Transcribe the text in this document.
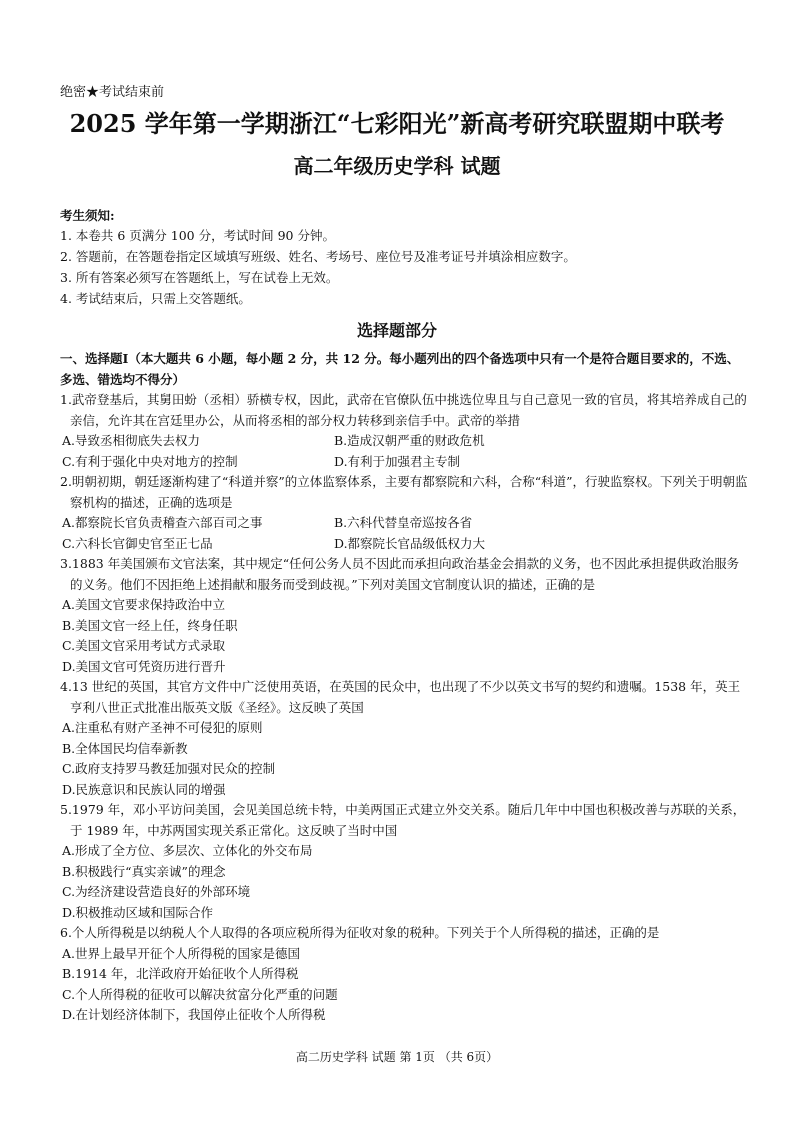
绝密★考试结束前
2025 学年第一学期浙江“七彩阳光”新高考研究联盟期中联考
高二年级历史学科 试题
考生须知:
1. 本卷共 6 页满分 100 分，考试时间 90 分钟。
2. 答题前，在答题卷指定区域填写班级、姓名、考场号、座位号及准考证号并填涂相应数字。
3. 所有答案必须写在答题纸上，写在试卷上无效。
4. 考试结束后，只需上交答题纸。
选择题部分
一、选择题Ⅰ（本大题共 6 小题，每小题 2 分，共 12 分。每小题列出的四个备选项中只有一个是符合题目要求的，不选、多选、错选均不得分）
1.武帝登基后，其舅田蚡（丞相）骄横专权，因此，武帝在官僚队伍中挑选位卑且与自己意见一致的官员，将其培养成自己的亲信，允许其在宫廷里办公，从而将丞相的部分权力转移到亲信手中。武帝的举措
A.导致丞相彻底失去权力	B.造成汉朝严重的财政危机
C.有利于强化中央对地方的控制	D.有利于加强君主专制
2.明朝初期，朝廷逐渐构建了“科道并察”的立体监察体系，主要有都察院和六科，合称“科道”，行驶监察权。下列关于明朝监察机构的描述，正确的选项是
A.都察院长官负责稽查六部百司之事	B.六科代替皇帝巡按各省
C.六科长官御史官至正七品	D.都察院长官品级低权力大
3.1883 年美国颁布文官法案，其中规定“任何公务人员不因此而承担向政治基金会捐款的义务，也不因此承担提供政治服务的义务。他们不因拒绝上述捐献和服务而受到歧视。”下列对美国文官制度认识的描述，正确的是
A.美国文官要求保持政治中立
B.美国文官一经上任，终身任职
C.美国文官采用考试方式录取
D.美国文官可凭资历进行晋升
4.13 世纪的英国，其官方文件中广泛使用英语，在英国的民众中，也出现了不少以英文书写的契约和遗嘱。1538 年，英王亨利八世正式批准出版英文版《圣经》。这反映了英国
A.注重私有财产圣神不可侵犯的原则
B.全体国民均信奉新教
C.政府支持罗马教廷加强对民众的控制
D.民族意识和民族认同的增强
5.1979 年，邓小平访问美国，会见美国总统卡特，中美两国正式建立外交关系。随后几年中中国也积极改善与苏联的关系，于 1989 年，中苏两国实现关系正常化。这反映了当时中国
A.形成了全方位、多层次、立体化的外交布局
B.积极践行“真实亲诚”的理念
C.为经济建设营造良好的外部环境
D.积极推动区域和国际合作
6.个人所得税是以纳税人个人取得的各项应税所得为征收对象的税种。下列关于个人所得税的描述，正确的是
A.世界上最早开征个人所得税的国家是德国
B.1914 年，北洋政府开始征收个人所得税
C.个人所得税的征收可以解决贫富分化严重的问题
D.在计划经济体制下，我国停止征收个人所得税
高二历史学科 试题 第 1页 （共 6页）
